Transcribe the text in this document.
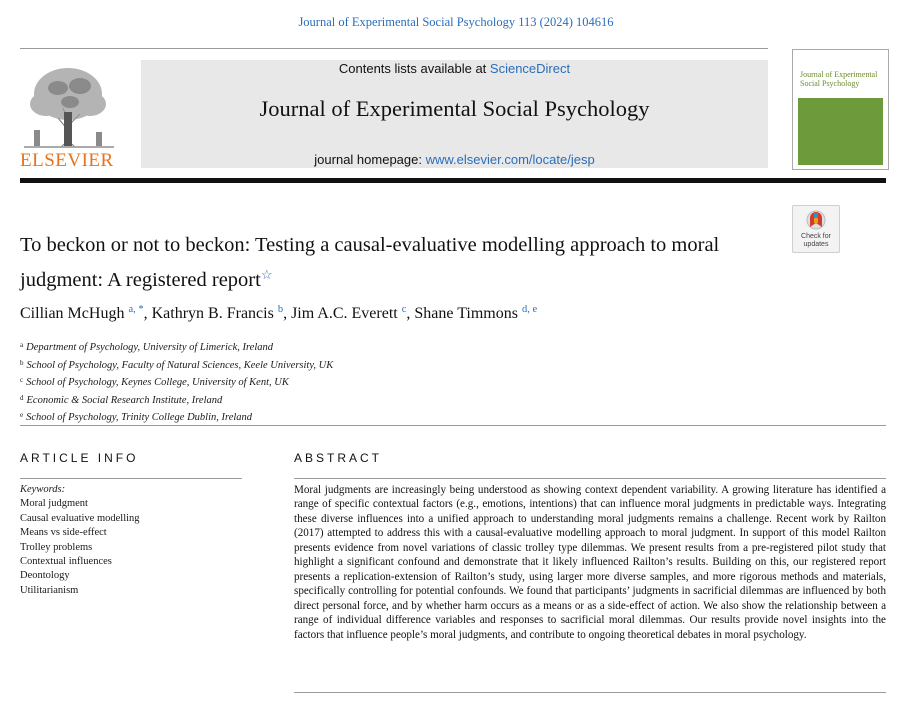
Journal of Experimental Social Psychology 113 (2024) 104616
ELSEVIER
Contents lists available at ScienceDirect
Journal of Experimental Social Psychology
journal homepage: www.elsevier.com/locate/jesp
Journal of Experimental Social Psychology
Check for
updates
To beckon or not to beckon: Testing a causal-evaluative modelling approach to moral judgment: A registered report☆
Cillian McHugh $^{a, *}$, Kathryn B. Francis $^b$, Jim A.C. Everett $^c$, Shane Timmons $^{d, e}$
$^a$ Department of Psychology, University of Limerick, Ireland
$^b$ School of Psychology, Faculty of Natural Sciences, Keele University, UK
$^c$ School of Psychology, Keynes College, University of Kent, UK
$^d$ Economic & Social Research Institute, Ireland
$^e$ School of Psychology, Trinity College Dublin, Ireland
ARTICLE INFO
Keywords:
Moral judgment
Causal evaluative modelling
Means vs side-effect
Trolley problems
Contextual influences
Deontology
Utilitarianism
ABSTRACT
Moral judgments are increasingly being understood as showing context dependent variability. A growing literature has identified a range of specific contextual factors (e.g., emotions, intentions) that can influence moral judgments in predictable ways. Integrating these diverse influences into a unified approach to understanding moral judgments remains a challenge. Recent work by Railton (2017) attempted to address this with a causal-evaluative modelling approach to moral judgment. In support of this model Railton presents evidence from novel variations of classic trolley type dilemmas. We present results from a pre-registered pilot study that highlight a significant confound and demonstrate that it likely influenced Railton’s results. Building on this, our registered report presents a replication-extension of Railton’s study, using larger more diverse samples, and more rigorous methods and materials, specifically controlling for potential confounds. We found that participants’ judgments in sacrificial dilemmas are influenced by both direct personal force, and by whether harm occurs as a means or as a side-effect of action. We also show the relationship between a range of individual difference variables and responses to sacrificial moral dilemmas. Our results provide novel insights into the factors that influence people’s moral judgments, and contribute to ongoing theoretical debates in moral psychology.
